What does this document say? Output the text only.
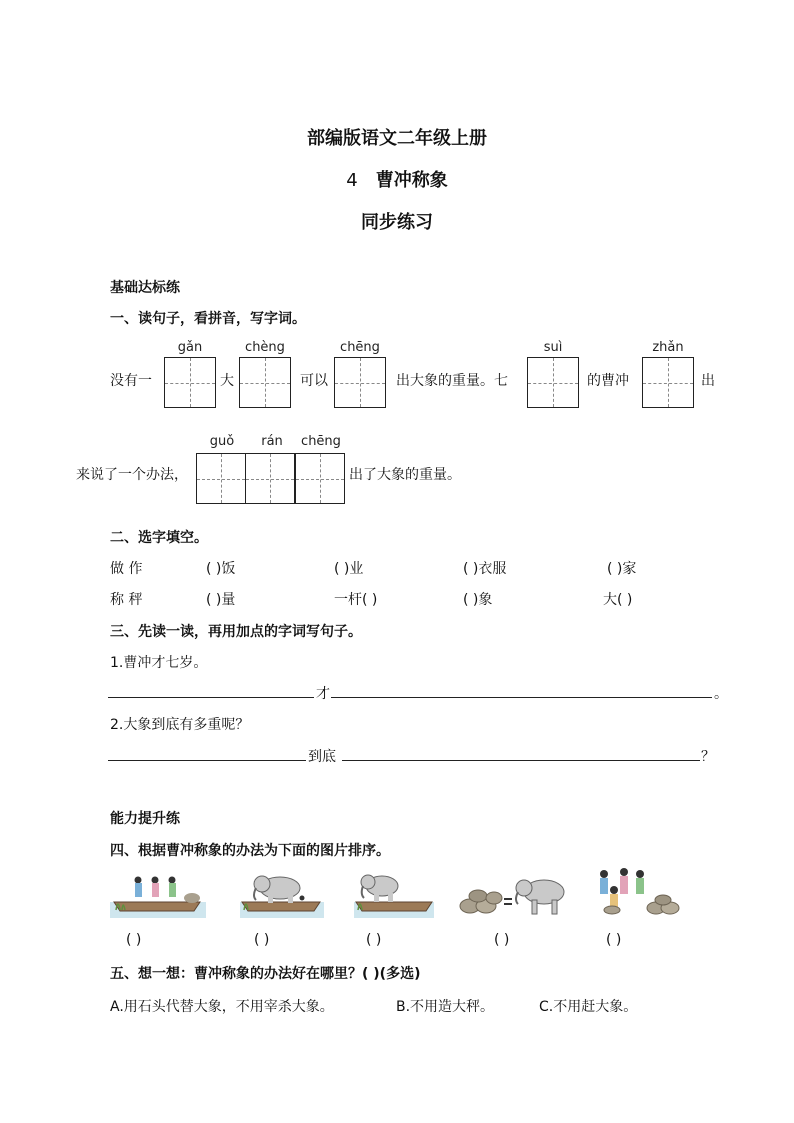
部编版语文二年级上册
4 曹冲称象
同步练习
基础达标练
一、读句子，看拼音，写字词。
没有一
gǎn
大
chèng
可以
chēng
出大象的重量。七
suì
的曹冲
zhǎn
出
来说了一个办法，
guǒ	rán	chēng
出了大象的重量。
二、选字填空。
做 作	( )饭	( )业	( )衣服	( )家
称 秤	( )量	一杆( )	( )象	大( )
三、先读一读，再用加点的字词写句子。
1.曹冲才七岁。
才	。
2.大象到底有多重呢？
到底	？
能力提升练
四、根据曹冲称象的办法为下面的图片排序。
( )	( )	( )	( )	( )
五、想一想：曹冲称象的办法好在哪里？( )(多选)
A.用石头代替大象，不用宰杀大象。	B.不用造大秤。	C.不用赶大象。
